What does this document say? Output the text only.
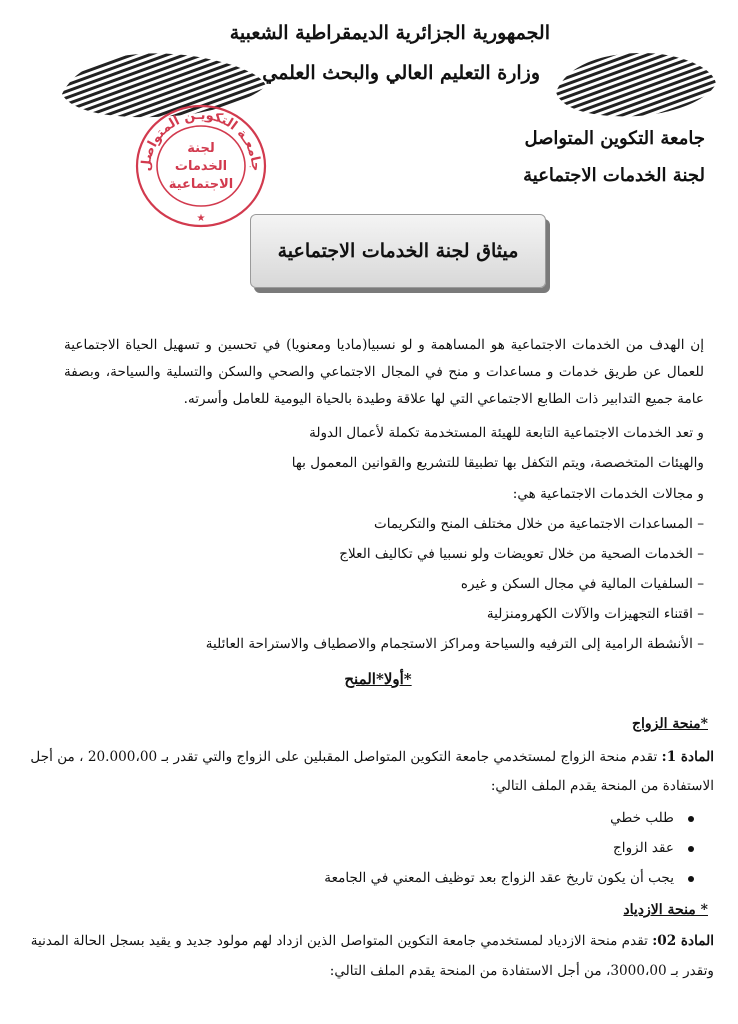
الجمهورية الجزائرية الديمقراطية الشعبية
وزارة التعليم العالي والبحث العلمي
جامعة التكوين المتواصل
لجنة الخدمات الاجتماعية
جامعـة التكويـن المتواصل
لجنة
الخدمات
الاجتماعية
★
ميثاق لجنة الخدمات الاجتماعية
إن الهدف من الخدمات الاجتماعية هو المساهمة و لو نسبيا(ماديا ومعنويا) في تحسين و تسهيل الحياة الاجتماعية للعمال عن طريق خدمات و مساعدات و منح في المجال الاجتماعي والصحي والسكن والتسلية والسياحة، وبصفة عامة جميع التدابير ذات الطابع الاجتماعي التي لها علاقة وطيدة بالحياة اليومية للعامل وأسرته.
و تعد الخدمات الاجتماعية التابعة للهيئة المستخدمة تكملة لأعمال الدولة
والهيئات المتخصصة، ويتم التكفل بها تطبيقا للتشريع والقوانين المعمول بها
و مجالات الخدمات الاجتماعية هي:
– المساعدات الاجتماعية من خلال مختلف المنح والتكريمات
– الخدمات الصحية من خلال تعويضات ولو نسبيا في تكاليف العلاج
– السلفيات المالية في مجال السكن و غيره
– اقتناء التجهيزات والآلات الكهرومنزلية
– الأنشطة الرامية إلى الترفيه والسياحة ومراكز الاستجمام والاصطياف والاستراحة العائلية
*أولا*المنح
*منحة الزواج
المادة 1: تقدم منحة الزواج لمستخدمي جامعة التكوين المتواصل المقبلين على الزواج والتي تقدر بـ 20.000،00 ، من أجل
الاستفادة من المنحة يقدم الملف التالي:
طلب خطي
عقد الزواج
يجب أن يكون تاريخ عقد الزواج بعد توظيف المعني في الجامعة
* منحة الازدياد
المادة 02: تقدم منحة الازدياد لمستخدمي جامعة التكوين المتواصل الذين ازداد لهم مولود جديد و يقيد بسجل الحالة المدنية
وتقدر بـ 3000،00، من أجل الاستفادة من المنحة يقدم الملف التالي:
